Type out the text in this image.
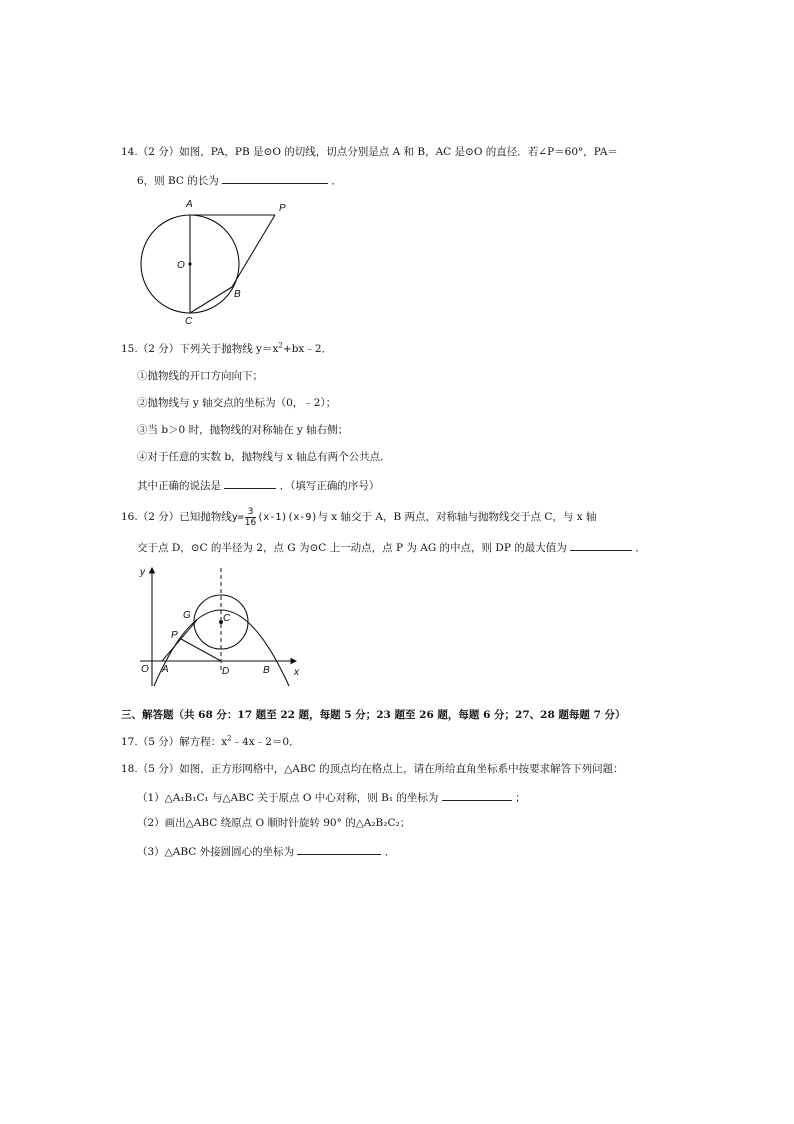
14.（2 分）如图，PA，PB 是⊙O 的切线，切点分别是点 A 和 B，AC 是⊙O 的直径．若∠P＝60°，PA＝
6，则 BC 的长为	．
A	P
O
B
C
15.（2 分）下列关于抛物线 $y=x^2+bx﹣2$．
①抛物线的开口方向向下；
②抛物线与 y 轴交点的坐标为（0，﹣2）；
③当 b＞0 时，抛物线的对称轴在 y 轴右侧；
④对于任意的实数 b，抛物线与 x 轴总有两个公共点．
其中正确的说法是	．（填写正确的序号）
16.（2 分）已知抛物线$y= \frac{3}{16} (x-1)(x-9)$与 x 轴交于 A，B 两点，对称轴与抛物线交于点 C，与 x 轴
交于点 D，⊙C 的半径为 2，点 G 为⊙C 上一动点，点 P 为 AG 的中点，则 DP 的最大值为	．
y
x
O A	D	B
C
G
P
三、解答题（共 68 分：17 题至 22 题，每题 5 分；23 题至 26 题，每题 6 分；27、28 题每题 7 分）
17.（5 分）解方程：$x^2﹣4x﹣2=0$．
18.（5 分）如图，正方形网格中，△ABC 的顶点均在格点上，请在所给直角坐标系中按要求解答下列问题：
（1）△A₁B₁C₁ 与△ABC 关于原点 O 中心对称，则 B₁ 的坐标为	；
（2）画出△ABC 绕原点 O 顺时针旋转 90° 的△A₂B₂C₂；
（3）△ABC 外接圆圆心的坐标为	．
